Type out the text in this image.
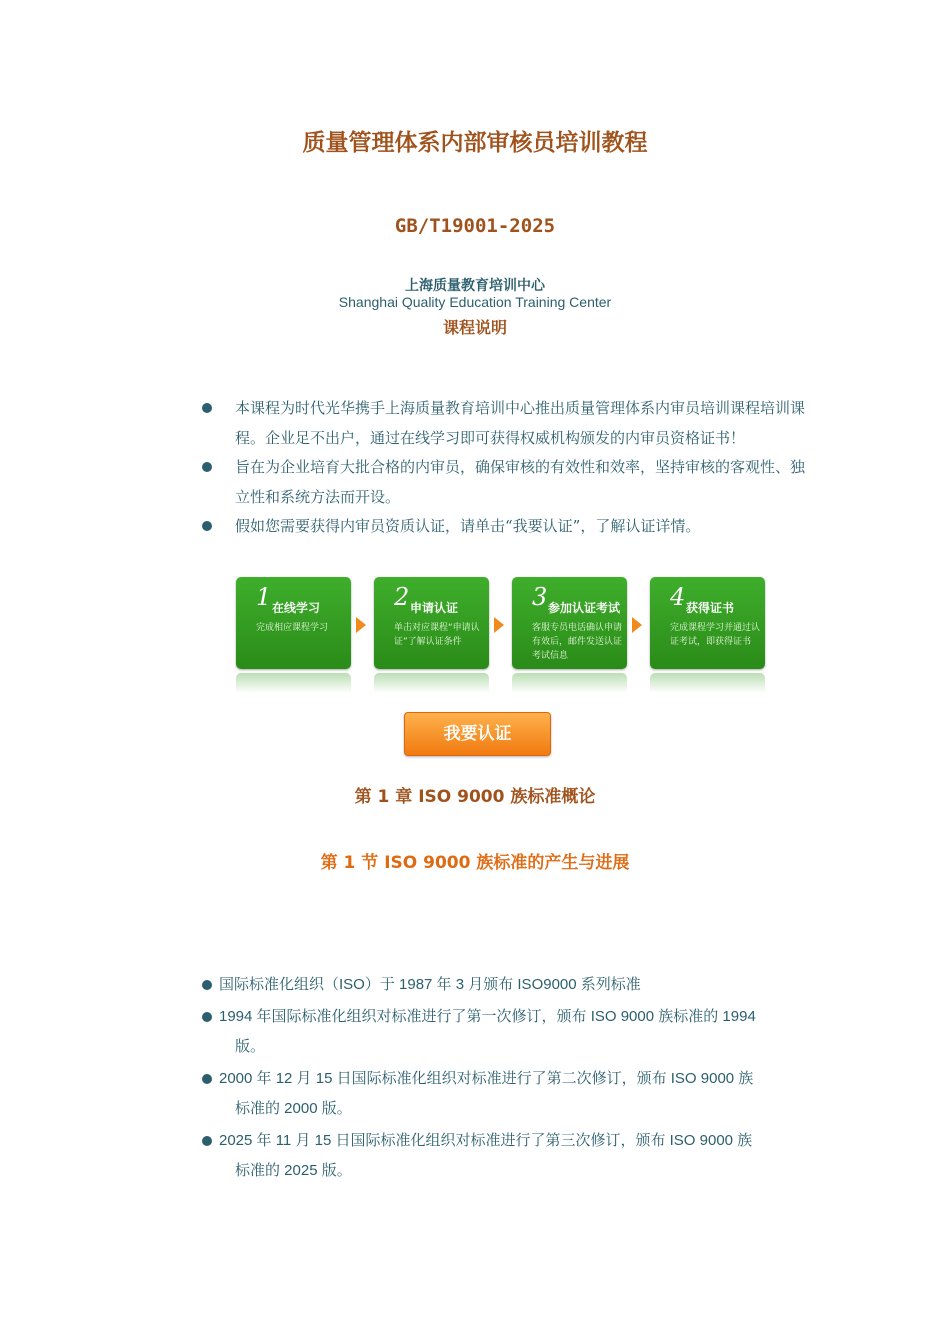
质量管理体系内部审核员培训教程
GB/T19001-2025
上海质量教育培训中心
Shanghai Quality Education Training Center
课程说明
本课程为时代光华携手上海质量教育培训中心推出质量管理体系内审员培训课程培训课程。企业足不出户，通过在线学习即可获得权威机构颁发的内审员资格证书！
旨在为企业培育大批合格的内审员，确保审核的有效性和效率，坚持审核的客观性、独立性和系统方法而开设。
假如您需要获得内审员资质认证，请单击“我要认证”，了解认证详情。
1 在线学习
完成相应课程学习
2 申请认证
单击对应课程“申请认证”了解认证条件
3 参加认证考试
客服专员电话确认申请有效后，邮件发送认证考试信息
4 获得证书
完成课程学习并通过认证考试，即获得证书
我要认证
第 1 章 ISO 9000 族标准概论
第 1 节 ISO 9000 族标准的产生与进展
国际标准化组织（ISO）于 1987 年 3 月颁布 ISO9000 系列标准
1994 年国际标准化组织对标准进行了第一次修订，颁布 ISO 9000 族标准的 1994
版。
2000 年 12 月 15 日国际标准化组织对标准进行了第二次修订，颁布 ISO 9000 族
标准的 2000 版。
2025 年 11 月 15 日国际标准化组织对标准进行了第三次修订，颁布 ISO 9000 族
标准的 2025 版。
